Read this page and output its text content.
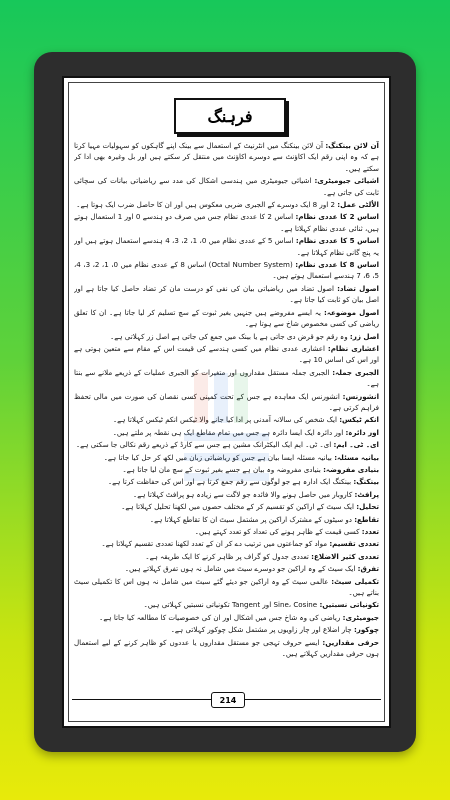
فرہنگ
آن لائن بینکنگ: آن لائن بینکنگ میں انٹرنیٹ کے استعمال سے بینک اپنے گاہکوں کو سہولیات مہیا کرتا ہے کہ وہ اپنی رقم ایک اکاؤنٹ سے دوسرے اکاؤنٹ میں منتقل کر سکتے ہیں اور بل وغیرہ بھی ادا کر سکتے ہیں۔
اشیائی جیومیٹری: اشیائی جیومیٹری میں ہندسی اشکال کی مدد سے ریاضیاتی بیانات کی سچائی ثابت کی جاتی ہے۔
الاُلٹی عمل: 2 اور 8 ایک دوسرے کے الجبری ضربی معکوس ہیں اور ان کا حاصل ضرب ایک ہوتا ہے۔
اساس 2 کا عددی نظام: اساس 2 کا عددی نظام جس میں صرف دو ہندسے 0 اور 1 استعمال ہوتے ہیں، ثنائی عددی نظام کہلاتا ہے۔
اساس 5 کا عددی نظام: اساس 5 کے عددی نظام میں 0، 1، 2، 3، 4 ہندسے استعمال ہوتے ہیں اور یہ پنج گانی نظام کہلاتا ہے۔
اساس 8 کا عددی نظام: (Octal Number System) اساس 8 کے عددی نظام میں 0، 1، 2، 3، 4، 5، 6، 7 ہندسے استعمال ہوتے ہیں۔
اصول تضاد: اصول تضاد میں ریاضیاتی بیان کی نفی کو درست مان کر تضاد حاصل کیا جاتا ہے اور اصل بیان کو ثابت کیا جاتا ہے۔
اصول موضوعہ: یہ ایسے مفروضے ہیں جنہیں بغیر ثبوت کے سچ تسلیم کر لیا جاتا ہے۔ ان کا تعلق ریاضی کی کسی مخصوص شاخ سے ہوتا ہے۔
اصل زر: وہ رقم جو قرض دی جاتی ہے یا بینک میں جمع کی جاتی ہے اصل زر کہلاتی ہے۔
اعشاری نظام: اعشاری عددی نظام میں کسی ہندسے کی قیمت اس کے مقام سے متعین ہوتی ہے اور اس کی اساس 10 ہے۔
الجبری جملہ: الجبری جملہ مستقل مقداروں اور متغیرات کو الجبری عملیات کے ذریعے ملانے سے بنتا ہے۔
انشورنس: انشورنس ایک معاہدہ ہے جس کے تحت کمپنی کسی نقصان کی صورت میں مالی تحفظ فراہم کرتی ہے۔
انکم ٹیکس: ایک شخص کی سالانہ آمدنی پر ادا کیا جانے والا ٹیکس انکم ٹیکس کہلاتا ہے۔
اور دائرہ: اور دائرہ ایک ایسا دائرہ ہے جس میں تمام مقاطع ایک ہی نقطہ پر ملتے ہیں۔
ای۔ ٹی۔ ایم: ای۔ ٹی۔ ایم ایک الیکٹرانک مشین ہے جس سے کارڈ کے ذریعے رقم نکالی جا سکتی ہے۔
بیانیہ مسئلہ: بیانیہ مسئلہ ایسا بیان ہے جس کو ریاضیاتی زبان میں لکھ کر حل کیا جاتا ہے۔
بنیادی مفروضہ: بنیادی مفروضہ وہ بیان ہے جسے بغیر ثبوت کے سچ مان لیا جاتا ہے۔
بینکنگ: بینکنگ ایک ادارہ ہے جو لوگوں سے رقم جمع کرتا ہے اور اس کی حفاظت کرتا ہے۔
پرافٹ: کاروبار میں حاصل ہونے والا فائدہ جو لاگت سے زیادہ ہو پرافٹ کہلاتا ہے۔
تحلیل: ایک سیٹ کے اراکین کو تقسیم کر کے مختلف حصوں میں لکھنا تحلیل کہلاتا ہے۔
تقاطع: دو سیٹوں کے مشترک اراکین پر مشتمل سیٹ ان کا تقاطع کہلاتا ہے۔
تعدد: کسی قیمت کے ظاہر ہونے کی تعداد کو تعدد کہتے ہیں۔
تعددی تقسیم: مواد کو جماعتوں میں ترتیب دے کر ان کے تعدد لکھنا تعددی تقسیم کہلاتا ہے۔
تعددی کثیر الاضلاع: تعددی جدول کو گراف پر ظاہر کرنے کا ایک طریقہ ہے۔
تفرق: ایک سیٹ کے وہ اراکین جو دوسرے سیٹ میں شامل نہ ہوں تفرق کہلاتے ہیں۔
تکمیلی سیٹ: عالمی سیٹ کے وہ اراکین جو دیئے گئے سیٹ میں شامل نہ ہوں اس کا تکمیلی سیٹ بناتے ہیں۔
تکونیاتی نسبتیں: Sine، Cosine اور Tangent تکونیاتی نسبتیں کہلاتی ہیں۔
جیومیٹری: ریاضی کی وہ شاخ جس میں اشکال اور ان کی خصوصیات کا مطالعہ کیا جاتا ہے۔
چوکور: چار اضلاع اور چار زاویوں پر مشتمل شکل چوکور کہلاتی ہے۔
حرفی مقداریں: ایسے حروف تہجی جو مستقل مقداروں یا عددوں کو ظاہر کرنے کے لیے استعمال ہوں حرفی مقداریں کہلاتے ہیں۔
214
